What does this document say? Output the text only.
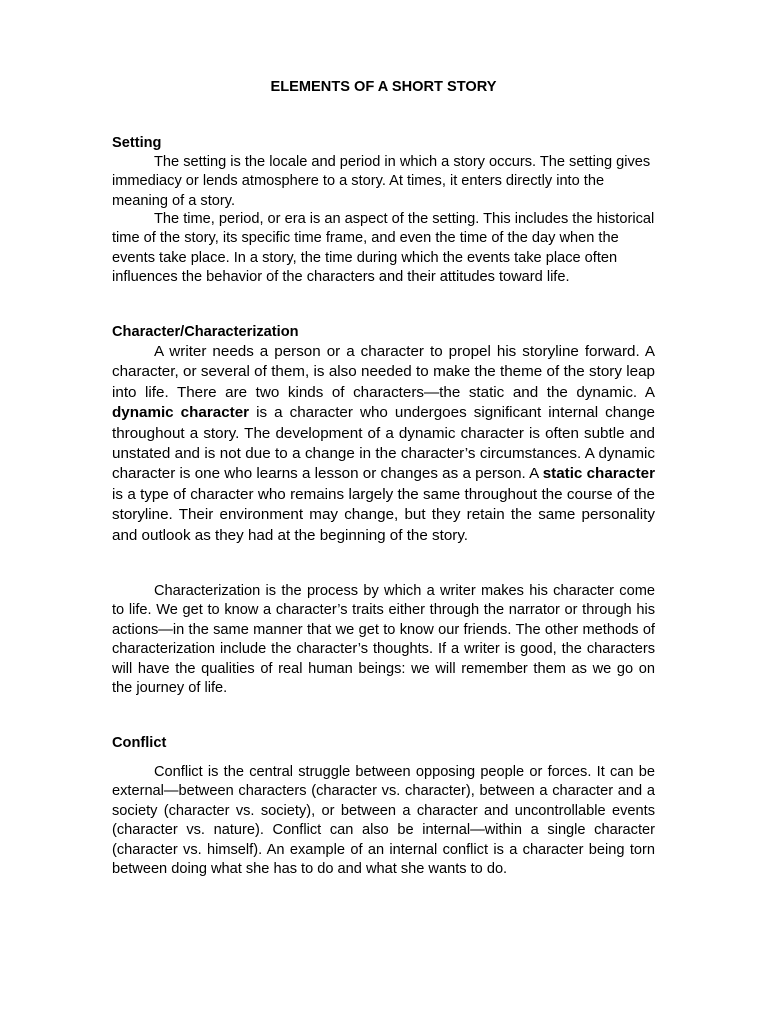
ELEMENTS OF A SHORT STORY
Setting

The setting is the locale and period in which a story occurs. The setting gives immediacy or lends atmosphere to a story. At times, it enters directly into the meaning of a story.

The time, period, or era is an aspect of the setting. This includes the historical time of the story, its specific time frame, and even the time of the day when the events take place. In a story, the time during which the events take place often influences the behavior of the characters and their attitudes toward life.

Character/Characterization

A writer needs a person or a character to propel his storyline forward. A character, or several of them, is also needed to make the theme of the story leap into life. There are two kinds of characters—the static and the dynamic. A dynamic character is a character who undergoes significant internal change throughout a story. The development of a dynamic character is often subtle and unstated and is not due to a change in the character’s circumstances. A dynamic character is one who learns a lesson or changes as a person. A static character is a type of character who remains largely the same throughout the course of the storyline. Their environment may change, but they retain the same personality and outlook as they had at the beginning of the story.

Characterization is the process by which a writer makes his character come to life. We get to know a character’s traits either through the narrator or through his actions—in the same manner that we get to know our friends. The other methods of characterization include the character’s thoughts. If a writer is good, the characters will have the qualities of real human beings: we will remember them as we go on the journey of life.

Conflict

Conflict is the central struggle between opposing people or forces. It can be external—between characters (character vs. character), between a character and a society (character vs. society), or between a character and uncontrollable events (character vs. nature). Conflict can also be internal—within a single character (character vs. himself). An example of an internal conflict is a character being torn between doing what she has to do and what she wants to do.
